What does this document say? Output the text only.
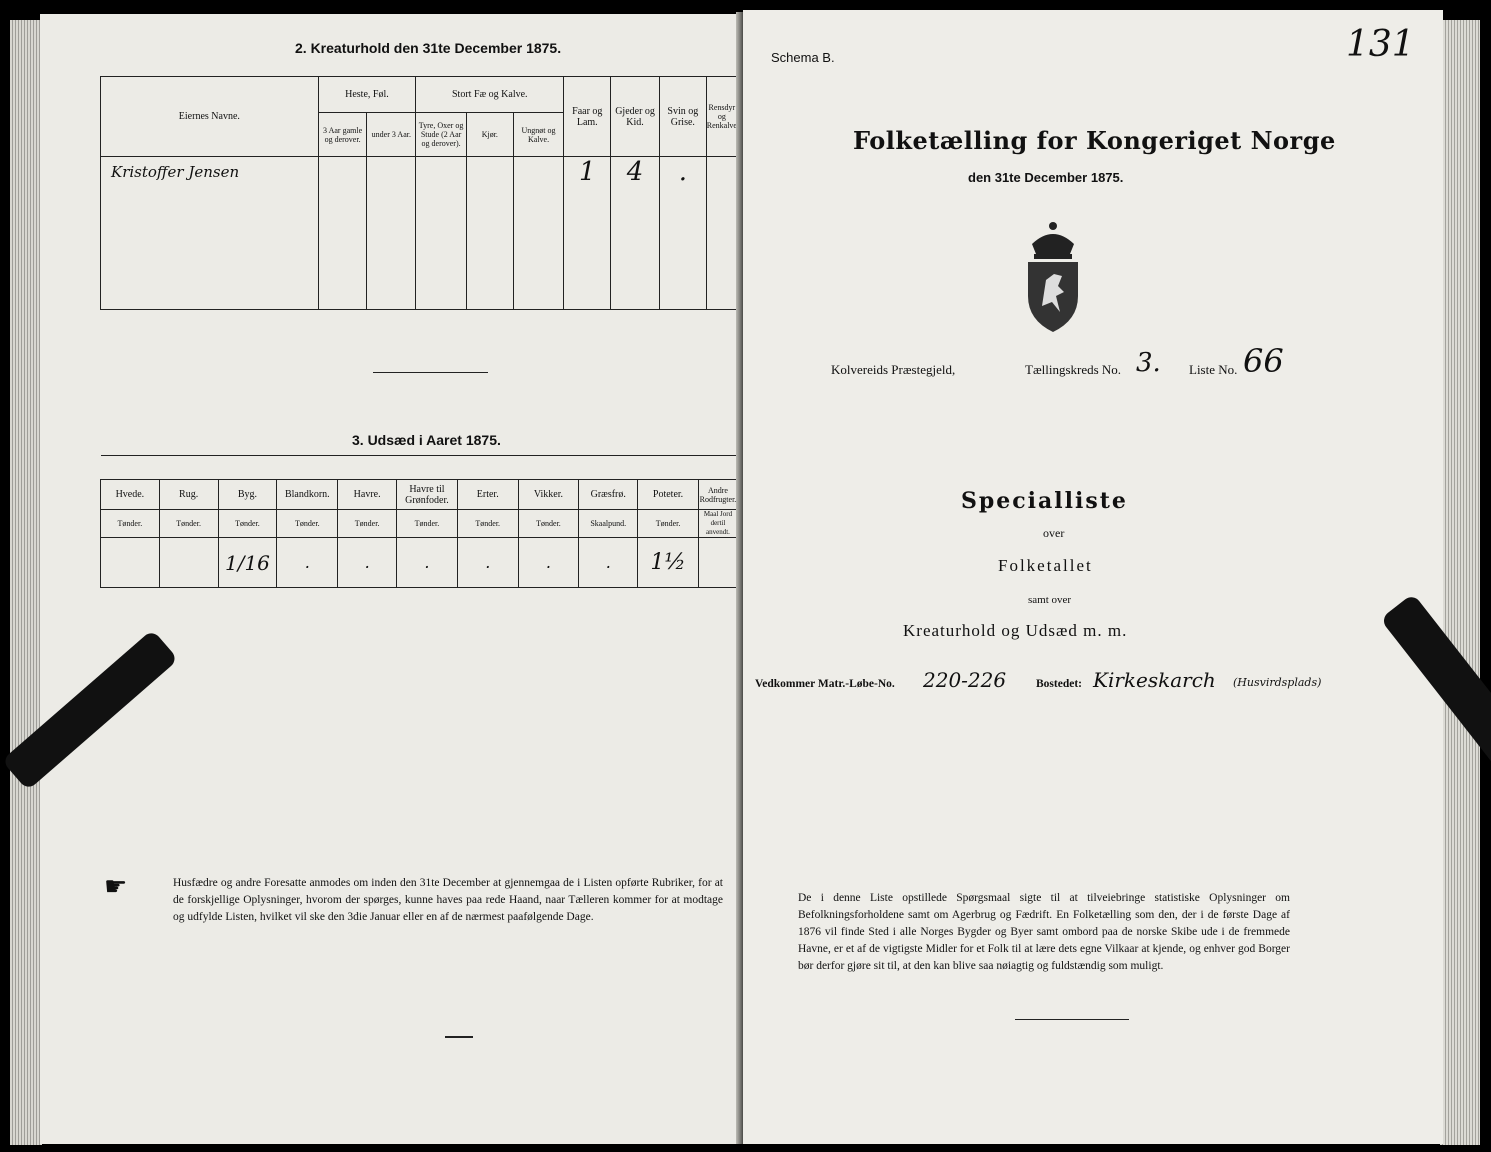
2. Kreaturhold den 31te December 1875.
Eiernes Navne.	Heste, Føl.		Stort Fæ og Kalve.			Faar og Lam.	Gjeder og Kid.	Svin og Grise.	Rensdyr og Renkalve
	3 Aar gamle og derover.	under 3 Aar.	Tyre, Oxer og Stude (2 Aar og derover).	Kjør.	Ungnøt og Kalve.				
Kristoffer Jensen						1	4	.	
3. Udsæd i Aaret 1875.

Hvede.	Rug.	Byg.	Blandkorn.	Havre.	Havre til Grønfoder.	Erter.	Vikker.	Græsfrø.	Poteter.	Andre Rodfrugter.
Tønder.	Tønder.	Tønder.	Tønder.	Tønder.	Tønder.	Tønder.	Tønder.	Skaalpund.	Tønder.	Maal Jord dertil anvendt.
		1/16	.	.	.	.	.	.	1½	
☛	Husfædre og andre Foresatte anmodes om inden den 31te December at gjennemgaa de i Listen opførte Rubriker, for at de forskjellige Oplysninger, hvorom der spørges, kunne haves paa rede Haand, naar Tælleren kommer for at modtage og udfylde Listen, hvilket vil ske den 3die Januar eller en af de nærmest paafølgende Dage.
Schema B.	131
Folketælling for Kongeriget Norge
den 31te December 1875.
Kolvereids Præstegjeld,	Tællingskreds No. 3. Liste No. 66
Specialliste
over
Folketallet
samt over
Kreaturhold og Udsæd m. m.
Vedkommer Matr.-Løbe-No. 220-226	Bostedet: Kirkeskarch (Husvirdsplads)
De i denne Liste opstillede Spørgsmaal sigte til at tilveiebringe statistiske Oplysninger om Befolkningsforholdene samt om Agerbrug og Fædrift. En Folketælling som den, der i de første Dage af 1876 vil finde Sted i alle Norges Bygder og Byer samt ombord paa de norske Skibe ude i de fremmede Havne, er et af de vigtigste Midler for et Folk til at lære dets egne Vilkaar at kjende, og enhver god Borger bør derfor gjøre sit til, at den kan blive saa nøiagtig og fuldstændig som muligt.
